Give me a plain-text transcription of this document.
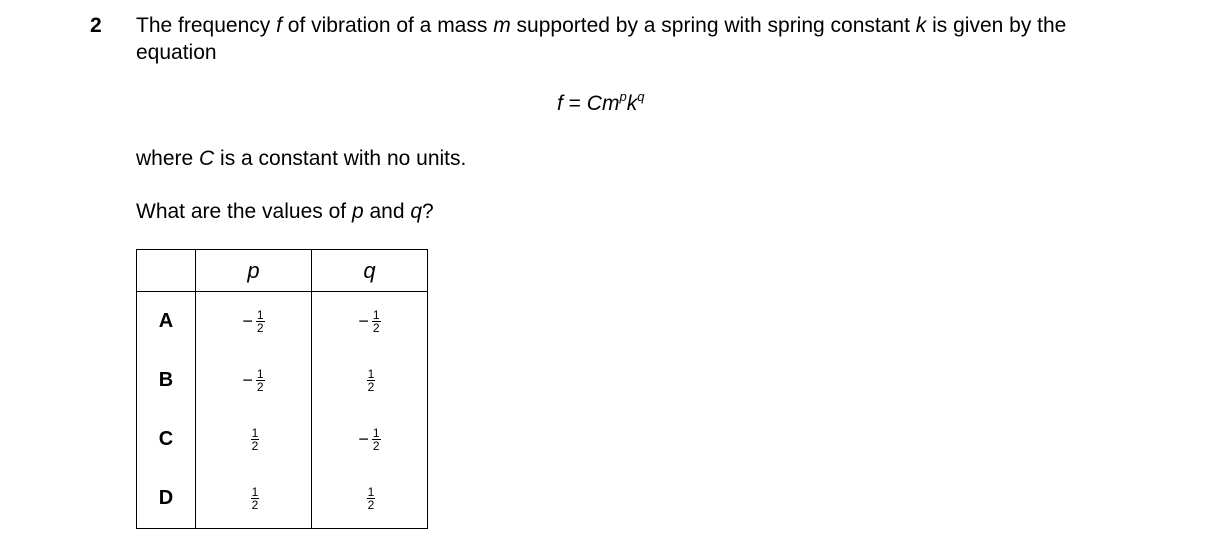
2 The frequency f of vibration of a mass m supported by a spring with spring constant k is given by the equation
$f = Cm^pk^q$
where C is a constant with no units.
What are the values of p and q?
	p	q
A	− $\frac{1}{2}$	− $\frac{1}{2}$

B	− $\frac{1}{2}$	$\frac{1}{2}$

C	$\frac{1}{2}$	− $\frac{1}{2}$

D	$\frac{1}{2}$	$\frac{1}{2}$
